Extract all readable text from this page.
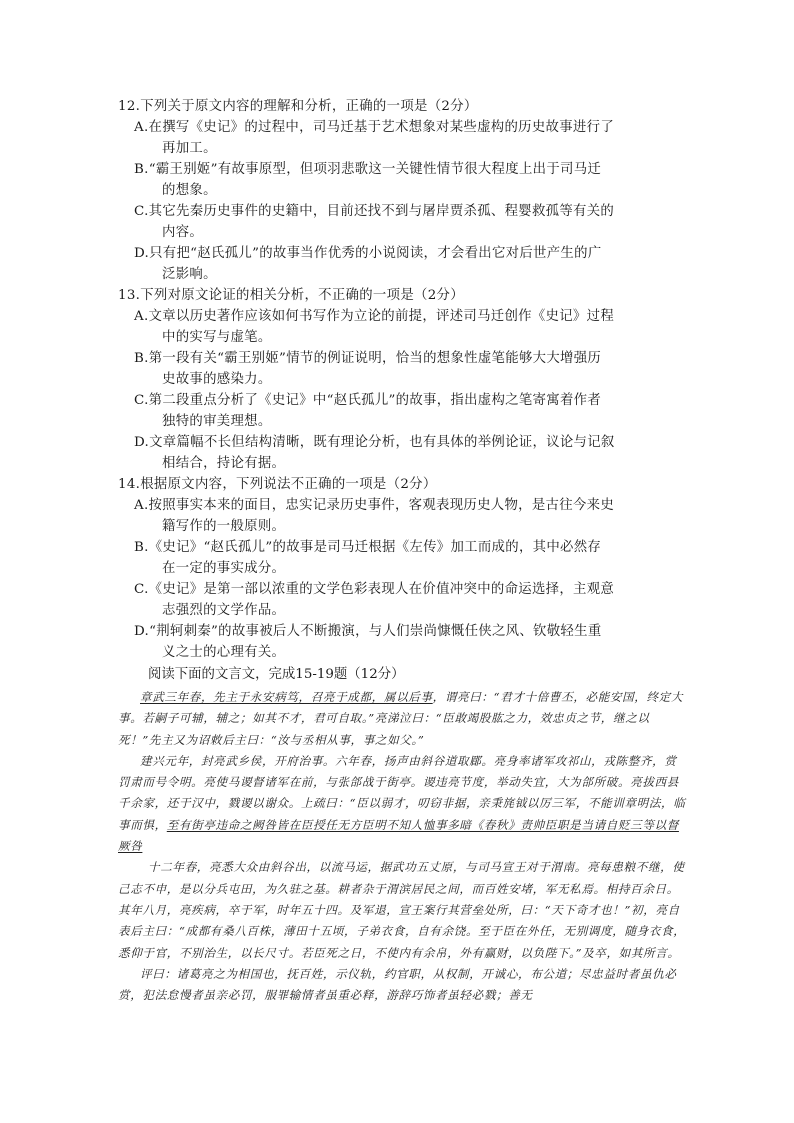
12.下列关于原文内容的理解和分析，正确的一项是（2分）
A.在撰写《史记》的过程中，司马迁基于艺术想象对某些虚构的历史故事进行了
再加工。
B.“霸王别姬”有故事原型，但项羽悲歌这一关键性情节很大程度上出于司马迁
的想象。
C.其它先秦历史事件的史籍中，目前还找不到与屠岸贾杀孤、程婴救孤等有关的
内容。
D.只有把“赵氏孤儿”的故事当作优秀的小说阅读，才会看出它对后世产生的广
泛影响。
13.下列对原文论证的相关分析，不正确的一项是（2分）
A.文章以历史著作应该如何书写作为立论的前提，评述司马迁创作《史记》过程
中的实写与虚笔。
B.第一段有关“霸王别姬”情节的例证说明，恰当的想象性虚笔能够大大增强历
史故事的感染力。
C.第二段重点分析了《史记》中“赵氏孤儿”的故事，指出虚构之笔寄寓着作者
独特的审美理想。
D.文章篇幅不长但结构清晰，既有理论分析，也有具体的举例论证，议论与记叙
相结合，持论有据。
14.根据原文内容，下列说法不正确的一项是（2分）
A.按照事实本来的面目，忠实记录历史事件，客观表现历史人物，是古往今来史
籍写作的一般原则。
B.《史记》“赵氏孤儿”的故事是司马迁根据《左传》加工而成的，其中必然存
在一定的事实成分。
C.《史记》是第一部以浓重的文学色彩表现人在价值冲突中的命运选择，主观意
志强烈的文学作品。
D.“荆轲刺秦”的故事被后人不断搬演，与人们崇尚慷慨任侠之风、钦敬轻生重
义之士的心理有关。
阅读下面的文言文，完成15-19题（12分）

章武三年春，先主于永安病笃，召亮于成都，属以后事，谓亮曰：“君才十倍曹丕，必能安国，终定大事。若嗣子可辅，辅之；如其不才，君可自取。”亮涕泣曰：“臣敢竭股肱之力，效忠贞之节，继之以死！”先主又为诏敕后主曰：“汝与丞相从事，事之如父。”

建兴元年，封亮武乡侯，开府治事。六年春，扬声由斜谷道取郿。亮身率诸军攻祁山，戎陈整齐，赏罚肃而号令明。亮使马谡督诸军在前，与张郃战于街亭。谡违亮节度，举动失宜，大为郃所破。亮拔西县千余家，还于汉中，戮谡以谢众。上疏曰：“臣以弱才，叨窃非据，亲秉旄钺以厉三军，不能训章明法，临事而惧，至有街亭违命之阙咎皆在臣授任无方臣明不知人恤事多暗《春秋》责帅臣职是当请自贬三等以督厥咎

十二年春，亮悉大众由斜谷出，以流马运，据武功五丈原，与司马宣王对于渭南。亮每患粮不继，使己志不申，是以分兵屯田，为久驻之基。耕者杂于渭滨居民之间，而百姓安堵，军无私焉。相持百余日。其年八月，亮疾病，卒于军，时年五十四。及军退，宣王案行其营垒处所，曰：“天下奇才也！”初，亮自表后主曰：“成都有桑八百株，薄田十五顷，子弟衣食，自有余饶。至于臣在外任，无别调度，随身衣食，悉仰于官，不别治生，以长尺寸。若臣死之日，不使内有余帛，外有赢财，以负陛下。”及卒，如其所言。

评曰：诸葛亮之为相国也，抚百姓，示仪轨，约官职，从权制，开诚心，布公道；尽忠益时者虽仇必赏，犯法怠慢者虽亲必罚，服罪输情者虽重必释，游辞巧饰者虽轻必戮；善无
